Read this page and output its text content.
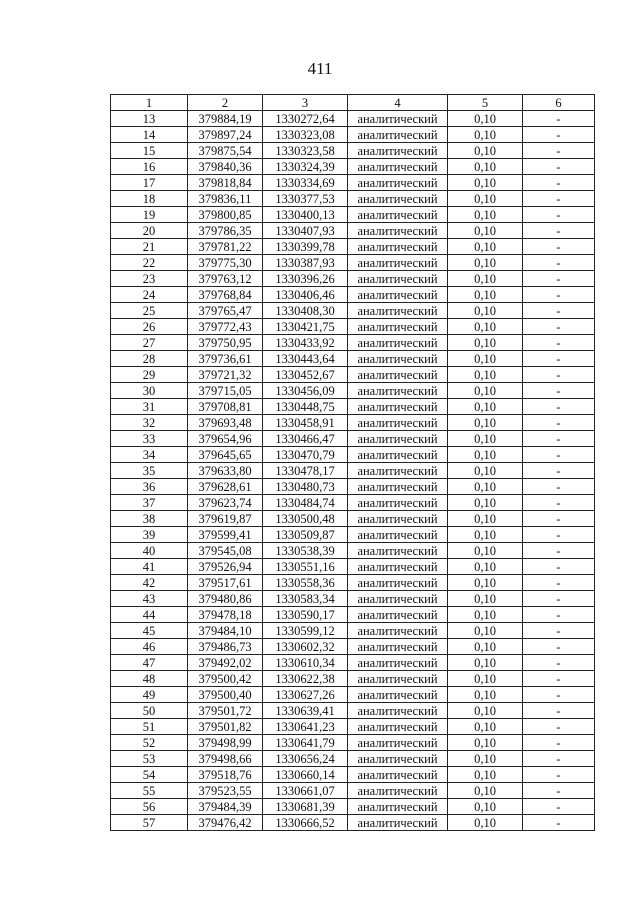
411
1	2	3	4	5	6
13	379884,19	1330272,64	аналитический	0,10	-
14	379897,24	1330323,08	аналитический	0,10	-
15	379875,54	1330323,58	аналитический	0,10	-
16	379840,36	1330324,39	аналитический	0,10	-
17	379818,84	1330334,69	аналитический	0,10	-
18	379836,11	1330377,53	аналитический	0,10	-
19	379800,85	1330400,13	аналитический	0,10	-
20	379786,35	1330407,93	аналитический	0,10	-
21	379781,22	1330399,78	аналитический	0,10	-
22	379775,30	1330387,93	аналитический	0,10	-
23	379763,12	1330396,26	аналитический	0,10	-
24	379768,84	1330406,46	аналитический	0,10	-
25	379765,47	1330408,30	аналитический	0,10	-
26	379772,43	1330421,75	аналитический	0,10	-
27	379750,95	1330433,92	аналитический	0,10	-
28	379736,61	1330443,64	аналитический	0,10	-
29	379721,32	1330452,67	аналитический	0,10	-
30	379715,05	1330456,09	аналитический	0,10	-
31	379708,81	1330448,75	аналитический	0,10	-
32	379693,48	1330458,91	аналитический	0,10	-
33	379654,96	1330466,47	аналитический	0,10	-
34	379645,65	1330470,79	аналитический	0,10	-
35	379633,80	1330478,17	аналитический	0,10	-
36	379628,61	1330480,73	аналитический	0,10	-
37	379623,74	1330484,74	аналитический	0,10	-
38	379619,87	1330500,48	аналитический	0,10	-
39	379599,41	1330509,87	аналитический	0,10	-
40	379545,08	1330538,39	аналитический	0,10	-
41	379526,94	1330551,16	аналитический	0,10	-
42	379517,61	1330558,36	аналитический	0,10	-
43	379480,86	1330583,34	аналитический	0,10	-
44	379478,18	1330590,17	аналитический	0,10	-
45	379484,10	1330599,12	аналитический	0,10	-
46	379486,73	1330602,32	аналитический	0,10	-
47	379492,02	1330610,34	аналитический	0,10	-
48	379500,42	1330622,38	аналитический	0,10	-
49	379500,40	1330627,26	аналитический	0,10	-
50	379501,72	1330639,41	аналитический	0,10	-
51	379501,82	1330641,23	аналитический	0,10	-
52	379498,99	1330641,79	аналитический	0,10	-
53	379498,66	1330656,24	аналитический	0,10	-
54	379518,76	1330660,14	аналитический	0,10	-
55	379523,55	1330661,07	аналитический	0,10	-
56	379484,39	1330681,39	аналитический	0,10	-
57	379476,42	1330666,52	аналитический	0,10	-
